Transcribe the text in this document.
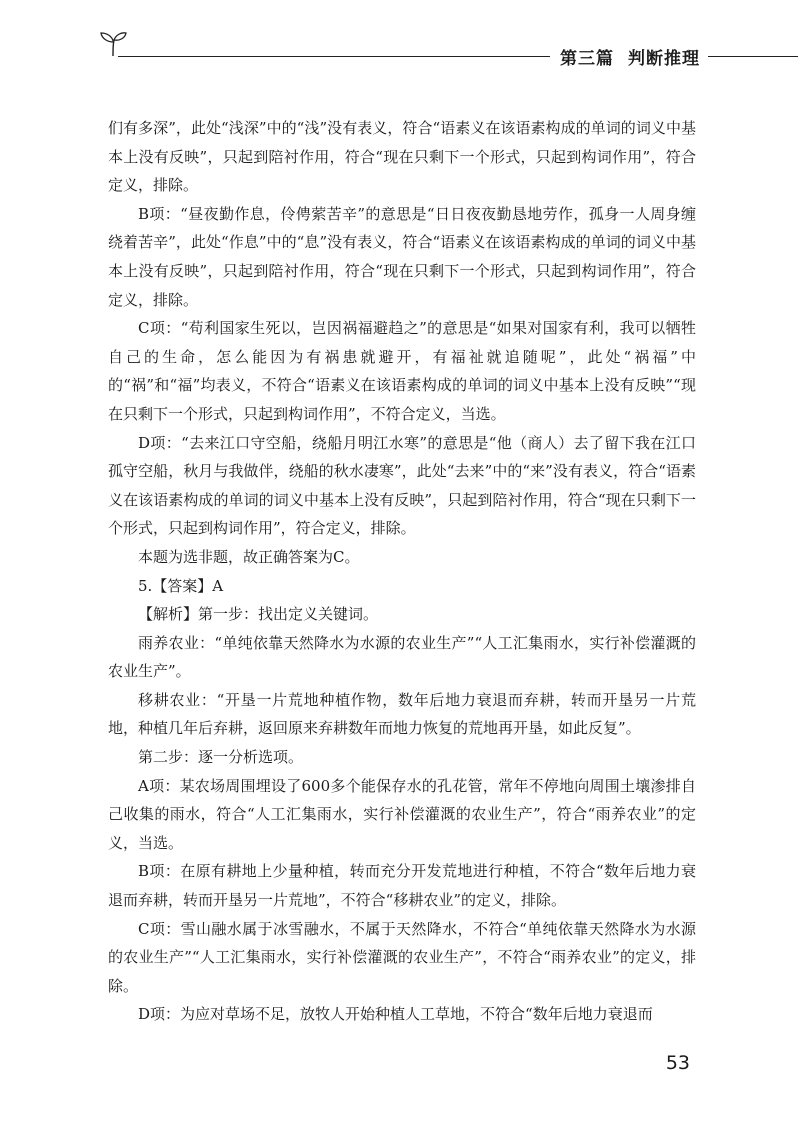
第三篇 判断推理

们有多深”，此处“浅深”中的“浅”没有表义，符合“语素义在该语素构成的单词的词义中基本上没有反映”，只起到陪衬作用，符合“现在只剩下一个形式，只起到构词作用”，符合定义，排除。

B项：“昼夜勤作息，伶俜萦苦辛”的意思是“日日夜夜勤恳地劳作，孤身一人周身缠绕着苦辛”，此处“作息”中的“息”没有表义，符合“语素义在该语素构成的单词的词义中基本上没有反映”，只起到陪衬作用，符合“现在只剩下一个形式，只起到构词作用”，符合定义，排除。

C项：“苟利国家生死以，岂因祸福避趋之”的意思是“如果对国家有利，我可以牺牲自己的生命，怎么能因为有祸患就避开，有福祉就追随呢”，此处“祸福”中的“祸”和“福”均表义，不符合“语素义在该语素构成的单词的词义中基本上没有反映”“现在只剩下一个形式，只起到构词作用”，不符合定义，当选。

D项：“去来江口守空船，绕船月明江水寒”的意思是“他（商人）去了留下我在江口孤守空船，秋月与我做伴，绕船的秋水凄寒”，此处“去来”中的“来”没有表义，符合“语素义在该语素构成的单词的词义中基本上没有反映”，只起到陪衬作用，符合“现在只剩下一个形式，只起到构词作用”，符合定义，排除。

本题为选非题，故正确答案为C。

5.【答案】A

【解析】第一步：找出定义关键词。

雨养农业：“单纯依靠天然降水为水源的农业生产”“人工汇集雨水，实行补偿灌溉的农业生产”。

移耕农业：“开垦一片荒地种植作物，数年后地力衰退而弃耕，转而开垦另一片荒地，种植几年后弃耕，返回原来弃耕数年而地力恢复的荒地再开垦，如此反复”。

第二步：逐一分析选项。

A项：某农场周围埋设了600多个能保存水的孔花管，常年不停地向周围土壤渗排自己收集的雨水，符合“人工汇集雨水，实行补偿灌溉的农业生产”，符合“雨养农业”的定义，当选。

B项：在原有耕地上少量种植，转而充分开发荒地进行种植，不符合“数年后地力衰退而弃耕，转而开垦另一片荒地”，不符合“移耕农业”的定义，排除。

C项：雪山融水属于冰雪融水，不属于天然降水，不符合“单纯依靠天然降水为水源的农业生产”“人工汇集雨水，实行补偿灌溉的农业生产”，不符合“雨养农业”的定义，排除。

D项：为应对草场不足，放牧人开始种植人工草地，不符合“数年后地力衰退而

53
